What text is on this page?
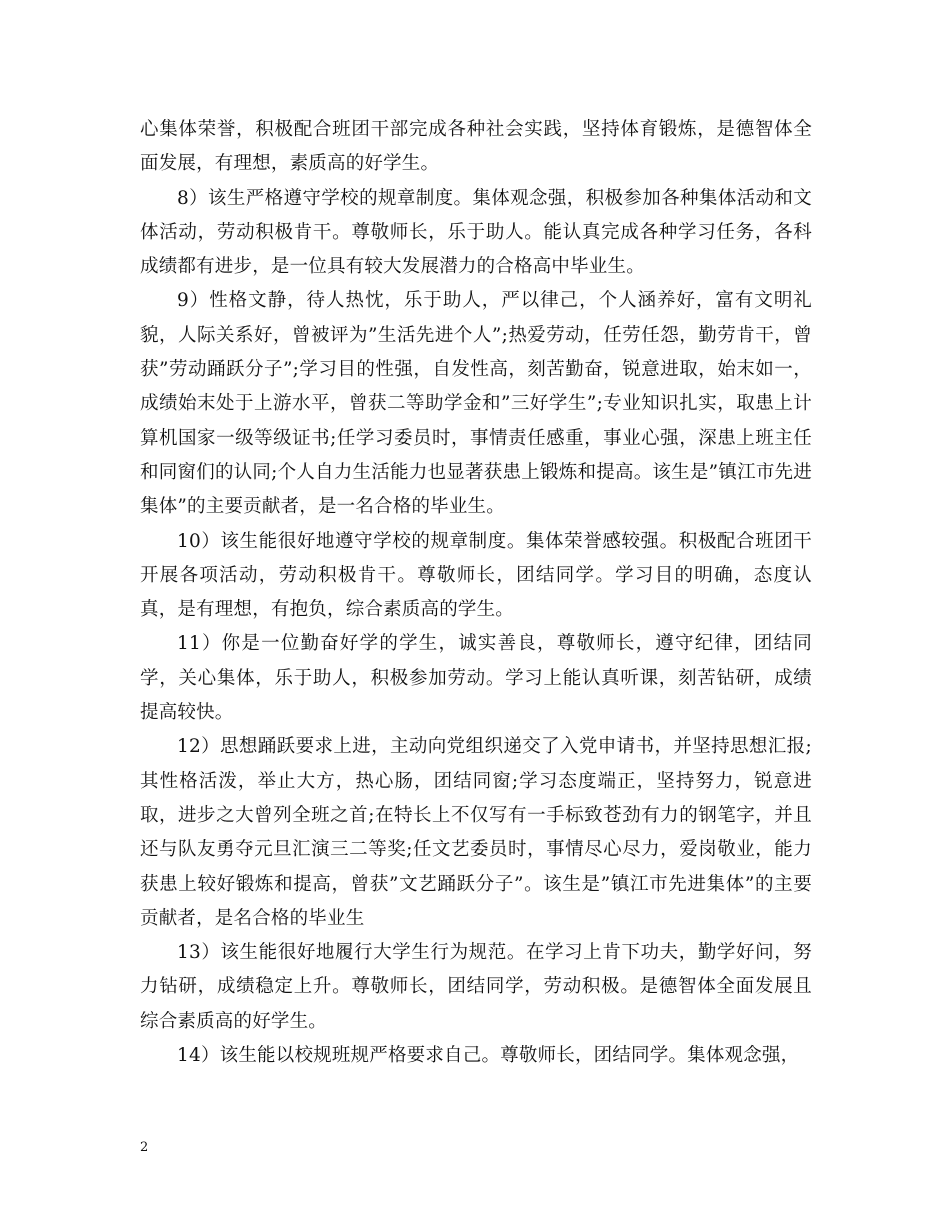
心集体荣誉，积极配合班团干部完成各种社会实践，坚持体育锻炼，是德智体全面发展，有理想，素质高的好学生。

8）该生严格遵守学校的规章制度。集体观念强，积极参加各种集体活动和文体活动，劳动积极肯干。尊敬师长，乐于助人。能认真完成各种学习任务，各科成绩都有进步，是一位具有较大发展潜力的合格高中毕业生。

9）性格文静，待人热忱，乐于助人，严以律己，个人涵养好，富有文明礼貌，人际关系好，曾被评为”生活先进个人”;热爱劳动，任劳任怨，勤劳肯干，曾获”劳动踊跃分子”;学习目的性强，自发性高，刻苦勤奋，锐意进取，始末如一，成绩始末处于上游水平，曾获二等助学金和”三好学生”;专业知识扎实，取患上计算机国家一级等级证书;任学习委员时，事情责任感重，事业心强，深患上班主任和同窗们的认同;个人自力生活能力也显著获患上锻炼和提高。该生是”镇江市先进集体”的主要贡献者，是一名合格的毕业生。

10）该生能很好地遵守学校的规章制度。集体荣誉感较强。积极配合班团干开展各项活动，劳动积极肯干。尊敬师长，团结同学。学习目的明确，态度认真，是有理想，有抱负，综合素质高的学生。

11）你是一位勤奋好学的学生，诚实善良，尊敬师长，遵守纪律，团结同学，关心集体，乐于助人，积极参加劳动。学习上能认真听课，刻苦钻研，成绩提高较快。

12）思想踊跃要求上进，主动向党组织递交了入党申请书，并坚持思想汇报;其性格活泼，举止大方，热心肠，团结同窗;学习态度端正，坚持努力，锐意进取，进步之大曾列全班之首;在特长上不仅写有一手标致苍劲有力的钢笔字，并且还与队友勇夺元旦汇演三二等奖;任文艺委员时，事情尽心尽力，爱岗敬业，能力获患上较好锻炼和提高，曾获”文艺踊跃分子”。该生是”镇江市先进集体”的主要贡献者，是名合格的毕业生

13）该生能很好地履行大学生行为规范。在学习上肯下功夫，勤学好问，努力钻研，成绩稳定上升。尊敬师长，团结同学，劳动积极。是德智体全面发展且综合素质高的好学生。

14）该生能以校规班规严格要求自己。尊敬师长，团结同学。集体观念强，

2
